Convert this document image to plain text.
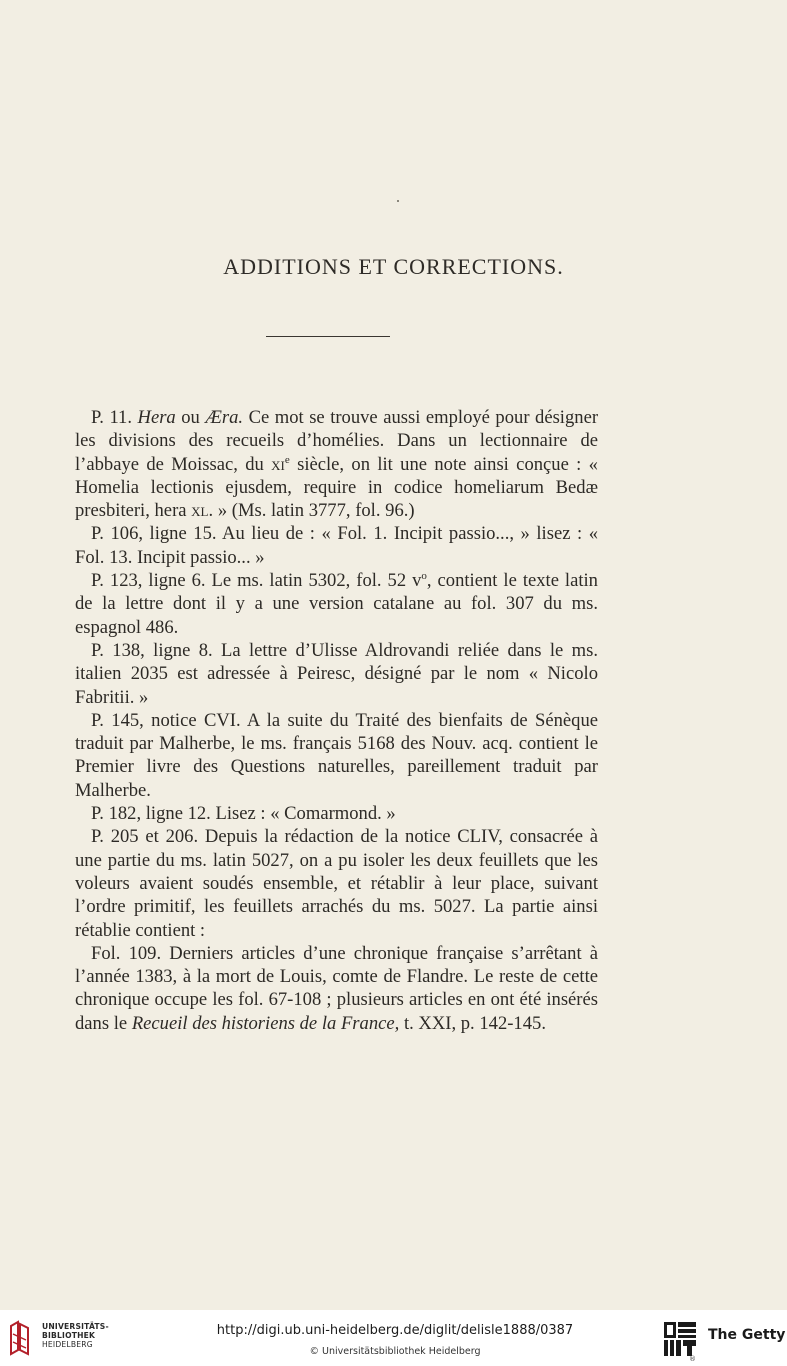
ADDITIONS ET CORRECTIONS.

P. 11. Hera ou Æra. Ce mot se trouve aussi employé pour désigner les divisions des recueils d’homélies. Dans un lectionnaire de l’abbaye de Moissac, du $xi^e$ siècle, on lit une note ainsi conçue : « Homelia lectionis ejusdem, require in codice homeliarum Bedæ presbiteri, hera xl. » (Ms. latin 3777, fol. 96.)

P. 106, ligne 15. Au lieu de : « Fol. 1. Incipit passio..., » lisez : « Fol. 13. Incipit passio... »

P. 123, ligne 6. Le ms. latin 5302, fol. 52 $v^o$, contient le texte latin de la lettre dont il y a une version catalane au fol. 307 du ms. espagnol 486.

P. 138, ligne 8. La lettre d’Ulisse Aldrovandi reliée dans le ms. italien 2035 est adressée à Peiresc, désigné par le nom « Nicolo Fabritii. »

P. 145, notice CVI. A la suite du Traité des bienfaits de Sénèque traduit par Malherbe, le ms. français 5168 des Nouv. acq. contient le Premier livre des Questions naturelles, pareillement traduit par Malherbe.

P. 182, ligne 12. Lisez : « Comarmond. »

P. 205 et 206. Depuis la rédaction de la notice CLIV, consacrée à une partie du ms. latin 5027, on a pu isoler les deux feuillets que les voleurs avaient soudés ensemble, et rétablir à leur place, suivant l’ordre primitif, les feuillets arrachés du ms. 5027. La partie ainsi rétablie contient :

Fol. 109. Derniers articles d’une chronique française s’arrêtant à l’année 1383, à la mort de Louis, comte de Flandre. Le reste de cette chronique occupe les fol. 67-108 ; plusieurs articles en ont été insérés dans le Recueil des historiens de la France, t. XXI, p. 142-145.

UNIVERSITÄTS-
BIBLIOTHEK
HEIDELBERG
http://digi.ub.uni-heidelberg.de/diglit/delisle1888/0387
© Universitätsbibliothek Heidelberg
The Getty
®
